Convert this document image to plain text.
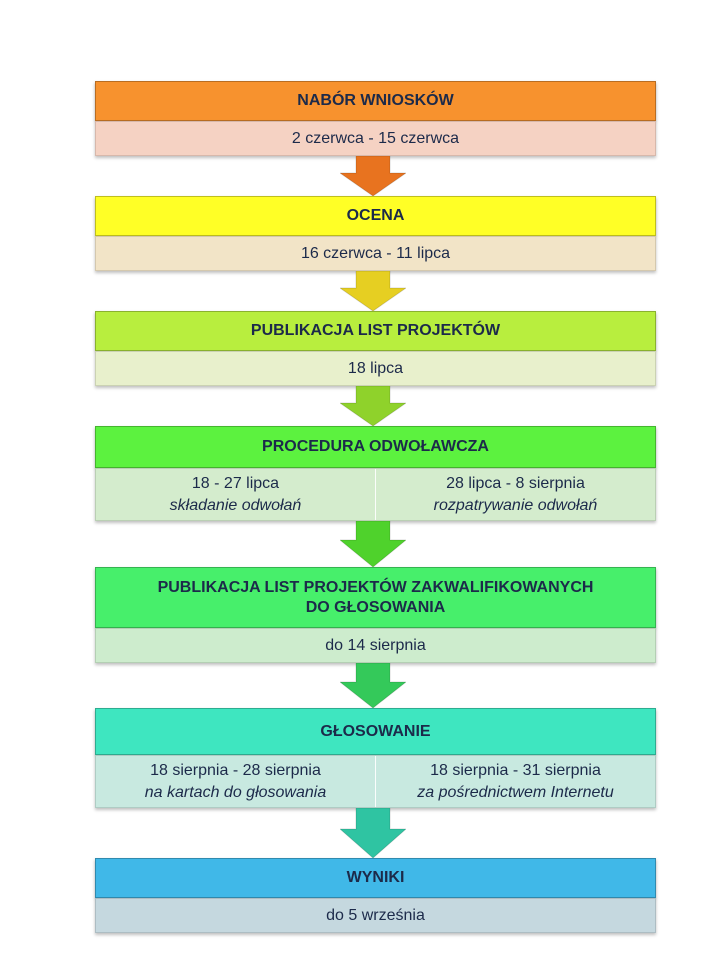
NABÓR WNIOSKÓW
2 czerwca - 15 czerwca
OCENA
16 czerwca - 11 lipca
PUBLIKACJA LIST PROJEKTÓW
18 lipca
PROCEDURA ODWOŁAWCZA
18 - 27 lipca
składanie odwołań
28 lipca - 8 sierpnia
rozpatrywanie odwołań
PUBLIKACJA LIST PROJEKTÓW ZAKWALIFIKOWANYCH
DO GŁOSOWANIA
do 14 sierpnia
GŁOSOWANIE
18 sierpnia - 28 sierpnia
na kartach do głosowania
18 sierpnia - 31 sierpnia
za pośrednictwem Internetu
WYNIKI
do 5 września
